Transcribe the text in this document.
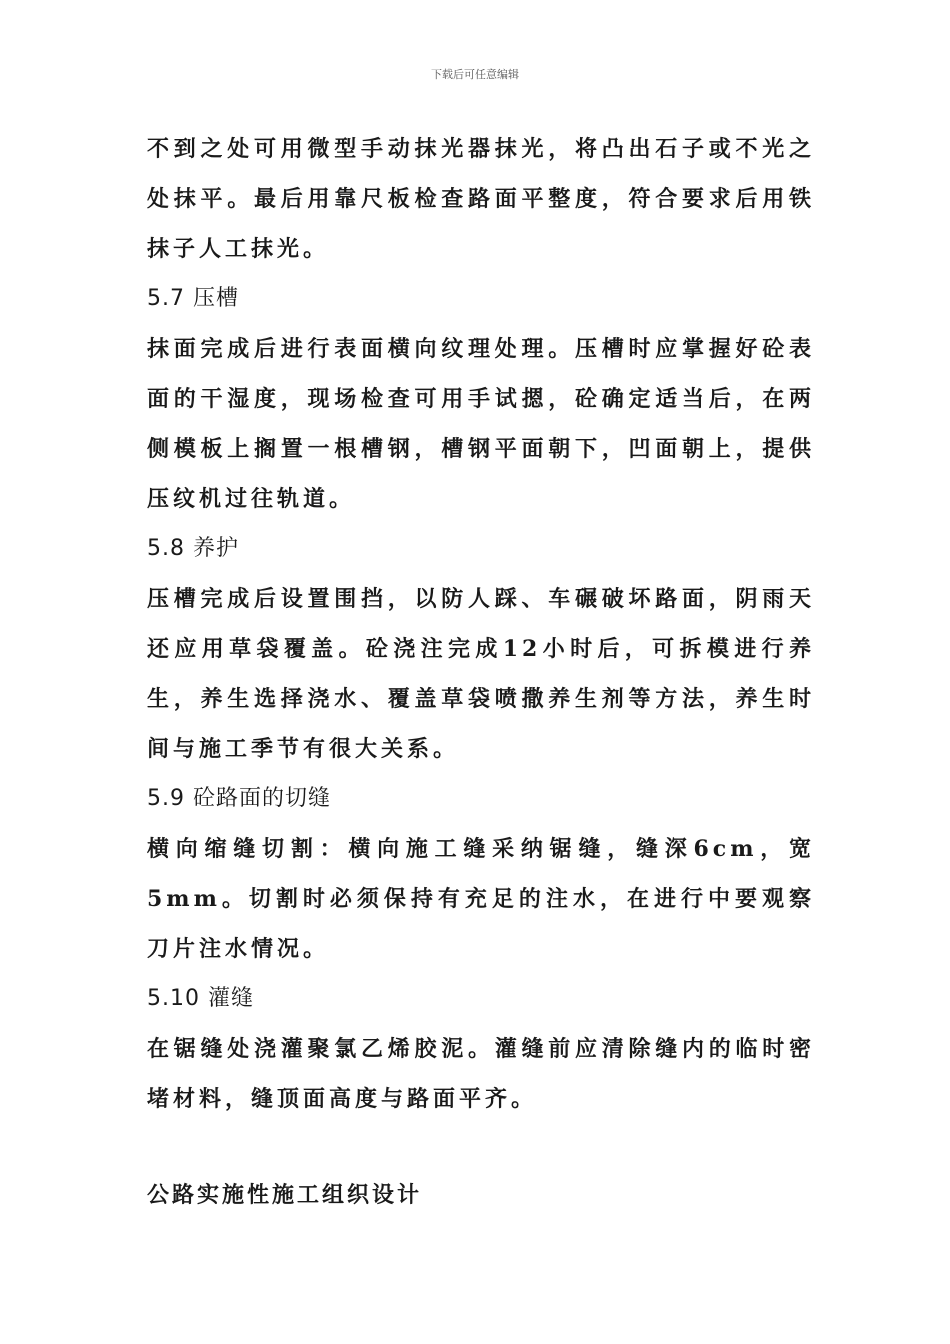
下载后可任意编辑

不到之处可用微型手动抹光器抹光，将凸出石子或不光之处抹平。最后用靠尺板检查路面平整度，符合要求后用铁抹子人工抹光。

5.7 压槽

抹面完成后进行表面横向纹理处理。压槽时应掌握好砼表面的干湿度，现场检查可用手试摁，砼确定适当后，在两侧模板上搁置一根槽钢，槽钢平面朝下，凹面朝上，提供压纹机过往轨道。

5.8 养护

压槽完成后设置围挡，以防人踩、车碾破坏路面，阴雨天还应用草袋覆盖。砼浇注完成12小时后，可拆模进行养生，养生选择浇水、覆盖草袋喷撒养生剂等方法，养生时间与施工季节有很大关系。

5.9 砼路面的切缝

横向缩缝切割：横向施工缝采纳锯缝，缝深6cm，宽5mm。切割时必须保持有充足的注水，在进行中要观察刀片注水情况。

5.10 灌缝

在锯缝处浇灌聚氯乙烯胶泥。灌缝前应清除缝内的临时密堵材料，缝顶面高度与路面平齐。

公路实施性施工组织设计
